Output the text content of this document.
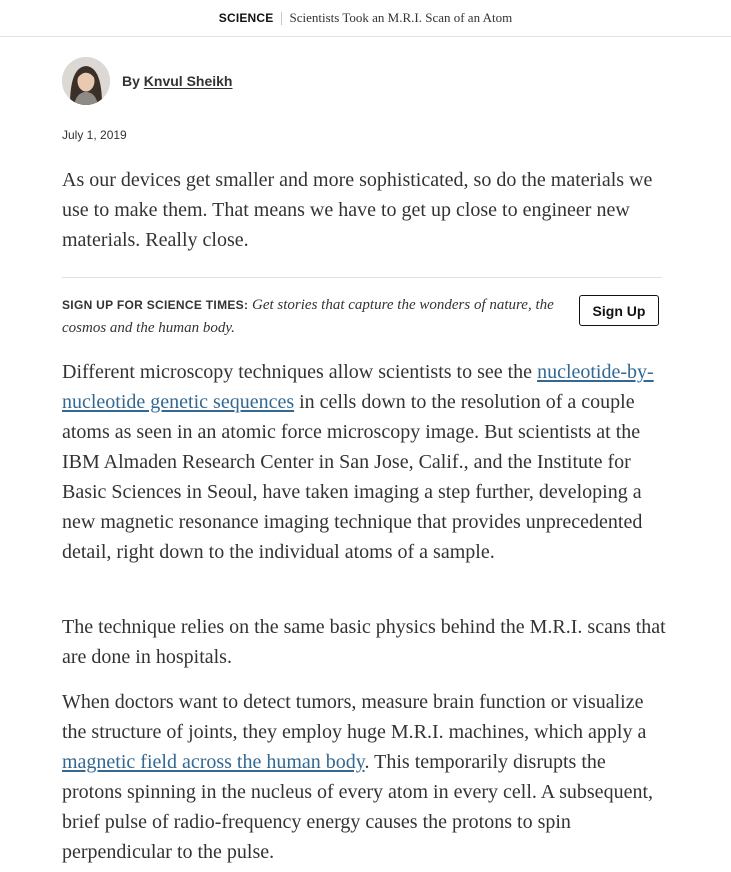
SCIENCE Scientists Took an M.R.I. Scan of an Atom
By Knvul Sheikh
July 1, 2019

As our devices get smaller and more sophisticated, so do the materials we use to make them. That means we have to get up close to engineer new materials. Really close.

SIGN UP FOR SCIENCE TIMES: Get stories that capture the wonders of nature, the cosmos and the human body.
Sign Up

Different microscopy techniques allow scientists to see the nucleotide-by-nucleotide genetic sequences in cells down to the resolution of a couple atoms as seen in an atomic force microscopy image. But scientists at the IBM Almaden Research Center in San Jose, Calif., and the Institute for Basic Sciences in Seoul, have taken imaging a step further, developing a new magnetic resonance imaging technique that provides unprecedented detail, right down to the individual atoms of a sample.

The technique relies on the same basic physics behind the M.R.I. scans that are done in hospitals.

When doctors want to detect tumors, measure brain function or visualize the structure of joints, they employ huge M.R.I. machines, which apply a magnetic field across the human body. This temporarily disrupts the protons spinning in the nucleus of every atom in every cell. A subsequent, brief pulse of radio-frequency energy causes the protons to spin perpendicular to the pulse.
